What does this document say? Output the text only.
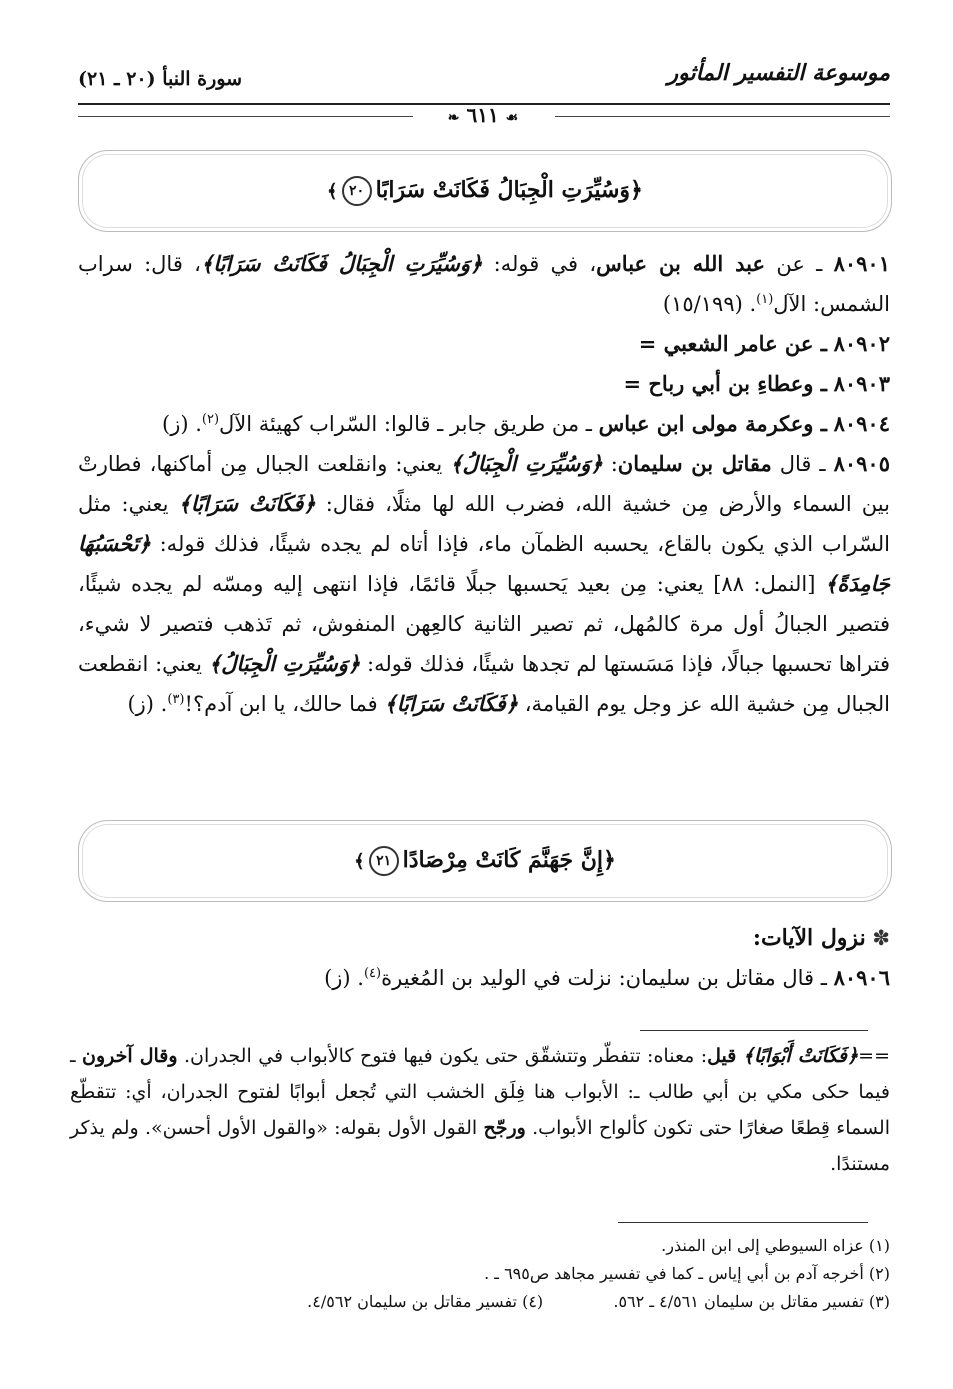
موسوعة التفسير المأثور
سورة النبأ (٢٠ ـ ٢١)
❧ ٦١١ ☙
﴿وَسُيِّرَتِ الْجِبَالُ فَكَانَتْ سَرَابًا٢٠﴾

٨٠٩٠١ ـ عن عبد الله بن عباس، في قوله: ﴿وَسُيِّرَتِ الْجِبَالُ فَكَانَتْ سَرَابًا﴾، قال: سراب الشمس: الآل$^{(١)}$. (١٥/١٩٩)

٨٠٩٠٢ ـ عن عامر الشعبي =

٨٠٩٠٣ ـ وعطاءِ بن أبي رباح =

٨٠٩٠٤ ـ وعكرمة مولى ابن عباس ـ من طريق جابر ـ قالوا: السّراب كهيئة الآل$^{(٢)}$. (ز)

٨٠٩٠٥ ـ قال مقاتل بن سليمان: ﴿وَسُيِّرَتِ الْجِبَالُ﴾ يعني: وانقلعت الجبال مِن أماكنها، فطارتْ بين السماء والأرض مِن خشية الله، فضرب الله لها مثلًا، فقال: ﴿فَكَانَتْ سَرَابًا﴾ يعني: مثل السّراب الذي يكون بالقاع، يحسبه الظمآن ماء، فإذا أتاه لم يجده شيئًا، فذلك قوله: ﴿تَحْسَبُهَا جَامِدَةً﴾ [النمل: ٨٨] يعني: مِن بعيد يَحسبها جبلًا قائمًا، فإذا انتهى إليه ومسّه لم يجده شيئًا، فتصير الجبالُ أول مرة كالمُهل، ثم تصير الثانية كالعِهن المنفوش، ثم تَذهب فتصير لا شيء، فتراها تحسبها جبالًا، فإذا مَسَستها لم تجدها شيئًا، فذلك قوله: ﴿وَسُيِّرَتِ الْجِبَالُ﴾ يعني: انقطعت الجبال مِن خشية الله عز وجل يوم القيامة، ﴿فَكَانَتْ سَرَابًا﴾ فما حالك، يا ابن آدم؟!$^{(٣)}$. (ز)

﴿إِنَّ جَهَنَّمَ كَانَتْ مِرْصَادًا٢١﴾

✽ نزول الآيات:

٨٠٩٠٦ ـ قال مقاتل بن سليمان: نزلت في الوليد بن المُغيرة$^{(٤)}$. (ز)

==﴿فَكَانَتْ أَبْوَابًا﴾ قيل: معناه: تتفطّر وتتشقّق حتى يكون فيها فتوح كالأبواب في الجدران. وقال آخرون ـ فيما حكى مكي بن أبي طالب ـ: الأبواب هنا فِلَق الخشب التي تُجعل أبوابًا لفتوح الجدران، أي: تتقطّع السماء قِطعًا صغارًا حتى تكون كألواح الأبواب. ورجّح القول الأول بقوله: «والقول الأول أحسن». ولم يذكر مستندًا.
(١) عزاه السيوطي إلى ابن المنذر.
(٢) أخرجه آدم بن أبي إياس ـ كما في تفسير مجاهد ص٦٩٥ ـ .
(٣) تفسير مقاتل بن سليمان ٤/٥٦١ ـ ٥٦٢.  (٤) تفسير مقاتل بن سليمان ٤/٥٦٢.
